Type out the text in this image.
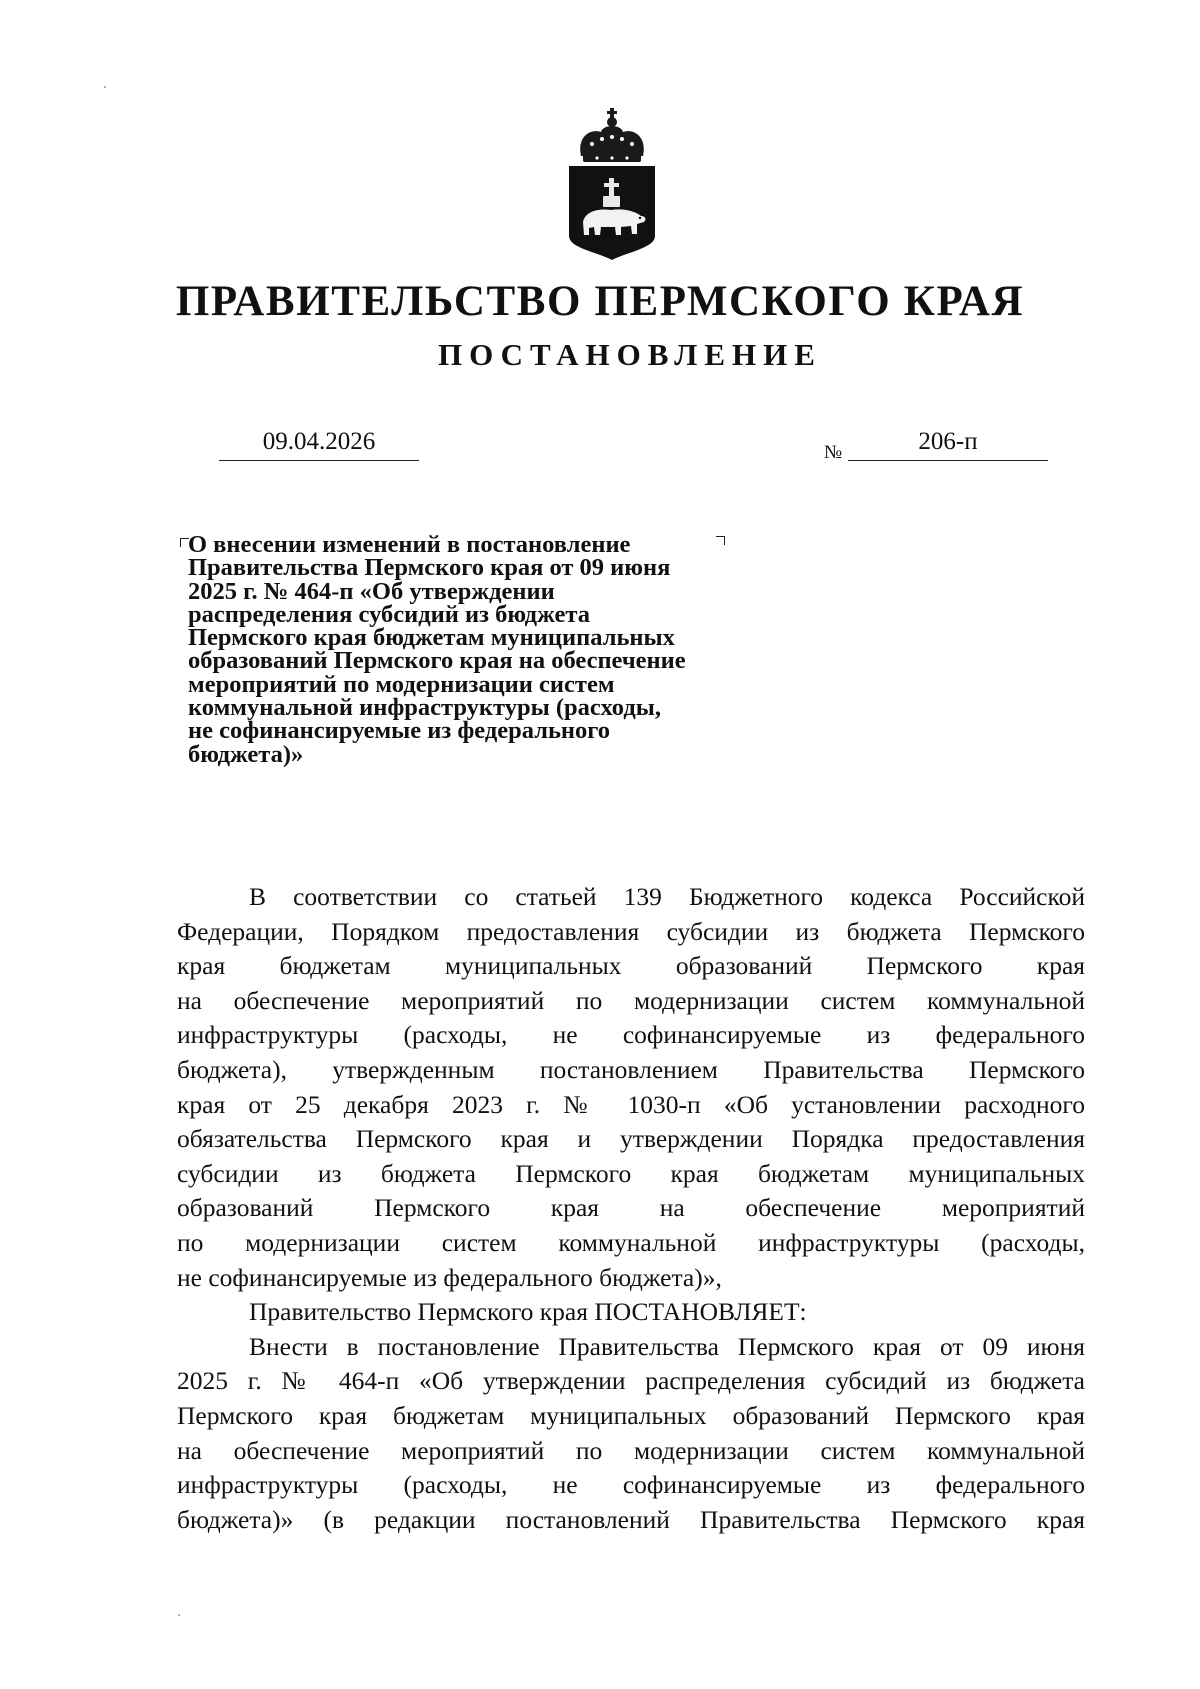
ПРАВИТЕЛЬСТВО ПЕРМСКОГО КРАЯ
ПОСТАНОВЛЕНИЕ
09.04.2026	№	206-п
О внесении изменений в постановление
Правительства Пермского края от 09 июня
2025 г. № 464-п «Об утверждении
распределения субсидий из бюджета
Пермского края бюджетам муниципальных
образований Пермского края на обеспечение
мероприятий по модернизации систем
коммунальной инфраструктуры (расходы,
не софинансируемые из федерального
бюджета)»
В соответствии со статьей 139 Бюджетного кодекса Российской
Федерации, Порядком предоставления субсидии из бюджета Пермского
края бюджетам муниципальных образований Пермского края
на обеспечение мероприятий по модернизации систем коммунальной
инфраструктуры (расходы, не софинансируемые из федерального
бюджета), утвержденным постановлением Правительства Пермского
края от 25 декабря 2023 г. № 1030-п «Об установлении расходного
обязательства Пермского края и утверждении Порядка предоставления
субсидии из бюджета Пермского края бюджетам муниципальных
образований Пермского края на обеспечение мероприятий
по модернизации систем коммунальной инфраструктуры (расходы,
не софинансируемые из федерального бюджета)»,
Правительство Пермского края ПОСТАНОВЛЯЕТ:
Внести в постановление Правительства Пермского края от 09 июня
2025 г. № 464-п «Об утверждении распределения субсидий из бюджета
Пермского края бюджетам муниципальных образований Пермского края
на обеспечение мероприятий по модернизации систем коммунальной
инфраструктуры (расходы, не софинансируемые из федерального
бюджета)» (в редакции постановлений Правительства Пермского края
